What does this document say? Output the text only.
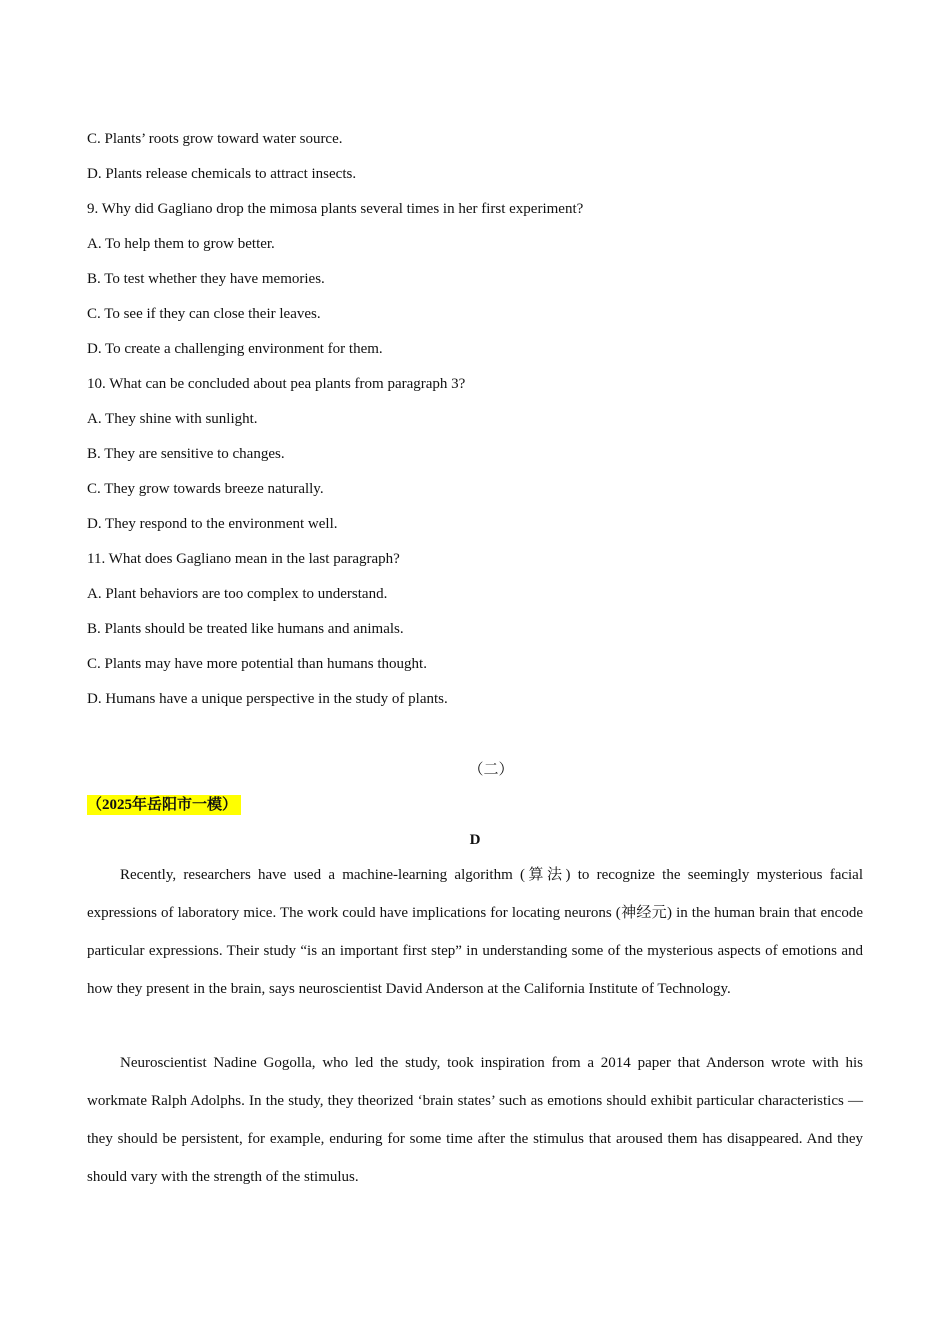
C. Plants’ roots grow toward water source.
D. Plants release chemicals to attract insects.
9. Why did Gagliano drop the mimosa plants several times in her first experiment?
A. To help them to grow better.
B. To test whether they have memories.
C. To see if they can close their leaves.
D. To create a challenging environment for them.
10. What can be concluded about pea plants from paragraph 3?
A. They shine with sunlight.
B. They are sensitive to changes.
C. They grow towards breeze naturally.
D. They respond to the environment well.
11. What does Gagliano mean in the last paragraph?
A. Plant behaviors are too complex to understand.
B. Plants should be treated like humans and animals.
C. Plants may have more potential than humans thought.
D. Humans have a unique perspective in the study of plants.
（二）
（2025年岳阳市一模）
D
Recently, researchers have used a machine-learning algorithm (算法) to recognize the seemingly mysterious facial expressions of laboratory mice. The work could have implications for locating neurons (神经元) in the human brain that encode particular expressions. Their study “is an important first step” in understanding some of the mysterious aspects of emotions and how they present in the brain, says neuroscientist David Anderson at the California Institute of Technology.
Neuroscientist Nadine Gogolla, who led the study, took inspiration from a 2014 paper that Anderson wrote with his workmate Ralph Adolphs. In the study, they theorized ‘brain states’ such as emotions should exhibit particular characteristics — they should be persistent, for example, enduring for some time after the stimulus that aroused them has disappeared. And they should vary with the strength of the stimulus.
